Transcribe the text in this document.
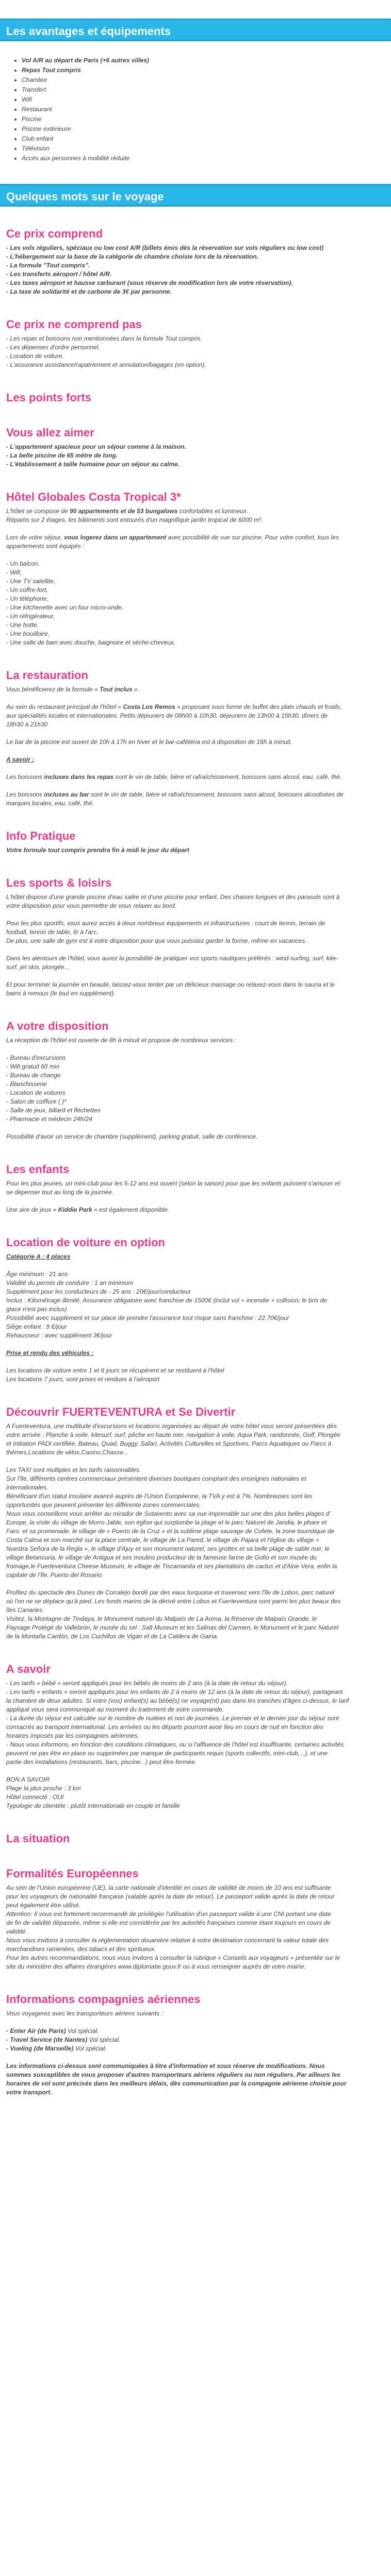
Les avantages et équipements
• Vol A/R au départ de Paris (+6 autres villes)
• Repas Tout compris
• Chambre
• Transfert
• Wifi
• Restaurant
• Piscine
• Piscine extérieure
• Club enfant
• Télévision
• Accès aux personnes à mobilité réduite
Quelques mots sur le voyage
Ce prix comprend
- Les vols réguliers, spéciaux ou low cost A/R (billets émis dès la réservation sur vols réguliers ou low cost)
- L'hébergement sur la base de la catégorie de chambre choisie lors de la réservation.
- La formule "Tout compris".
- Les transferts aéroport / hôtel A/R.
- Les taxes aéroport et hausse carburant (sous réserve de modification lors de votre réservation).
- La taxe de solidarité et de carbone de 3€ par personne.
Ce prix ne comprend pas
- Les repas et boissons non mentionnées dans la formule Tout compris.
- Les dépenses d'ordre personnel.
- Location de voiture.
- L'assurance assistance/rapatriement et annulation/bagages (en option).
Les points forts
Vous allez aimer
- L'appartement spacieux pour un séjour comme à la maison.
- La belle piscine de 65 mètre de long.
- L'établissement à taille humaine pour un séjour au calme.
Hôtel Globales Costa Tropical 3*
L'hôtel se compose de 90 appartements et de 53 bungalows confortables et lumineux.
Répartis sur 2 étages, les bâtiments sont entourés d'un magnifique jardin tropical de 6000 m².
Lors de votre séjour, vous logerez dans un appartement avec possibilité de vue sur piscine. Pour votre confort, tous les
appartements sont équipés :
- Un balcon,
- Wifi,
- Une TV satellite,
- Un coffre-fort,
- Un téléphone,
- Une kitchenette avec un four micro-onde,
- Un réfrigérateur,
- Une hotte,
- Une bouilloire,
- Une salle de bain avec douche, baignoire et sèche-cheveux.
La restauration
Vous bénéficierez de la formule « Tout inclus ».
Au sein du restaurant principal de l'hôtel « Costa Los Remos » proposant sous forme de buffet des plats chauds et froids,
aux spécialités locales et internationales. Petits déjeuners de 08h00 à 10h30, déjeuners de 13h00 à 15h30, dîners de
18h30 à 21h30
Le bar de la piscine est ouvert de 10h à 17h en hiver et le bar-cafétéria est à disposition de 16h à minuit.
A savoir :
Les boissons incluses dans les repas sont le vin de table, bière et rafraîchissement, boissons sans alcool, eau, café, thé.
Les boissons incluses au bar sont le vin de table, bière et rafraîchissement, boissons sans alcool, boissons alcoolisées de
marques locales, eau, café, thé.
Info Pratique
Votre formule tout compris prendra fin à midi le jour du départ
Les sports & loisirs
L'hôtel dispose d'une grande piscine d'eau salée et d'une piscine pour enfant. Des chaises longues et des parasols sont à
votre disposition pour vous permettre de vous relaxer au bord.
Pour les plus sportifs, vous aurez accès à deux nombreux équipements et infrastructures : court de tennis, terrain de
football, tennis de table, tir à l'arc.
De plus, une salle de gym est à votre disposition pour que vous puissiez garder la forme, même en vacances.
Dans les alentours de l'hôtel, vous aurez la possibilité de pratiquer vos sports nautiques préférés : wind-surfing, surf, kite-
surf, jet skis, plongée...
Et pour terminer la journée en beauté, laissez-vous tenter par un délicieux massage ou relaxez-vous dans le sauna et le
bains à remous (le tout en supplément).
A votre disposition
La réception de l'hôtel est ouverte de 8h à minuit et propose de nombreux services :
- Bureau d'excursions
- Wifi gratuit 60 min
- Bureau de change
- Blanchisserie
- Location de voitures
- Salon de coiffure ( )*
- Salle de jeux, billard et fléchettes
- Pharmacie et médecin 24h/24
Possibilité d'avoir un service de chambre (supplément), parking gratuit, salle de conférence.
Les enfants
Pour les plus jeunes, un mini-club pour les 5-12 ans est ouvert (selon la saison) pour que les enfants puissent s'amuser et
se dépenser tout au long de la journée.
Une aire de jeux « Kiddie Park » est également disponible.
Location de voiture en option
Catégorie A : 4 places
Âge minimum : 21 ans
Validité du permis de conduire : 1 an minimum
Supplément pour les conducteurs de - 25 ans : 20€/jour/conducteur
Inclus : Kilométrage illimité, Assurance obligatoire avec franchise de 1500€ (inclut vol + incendie + collision; le bris de
glace n'est pas inclus)
Possibilité avec supplément et sur place de prendre l'assurance tout risque sans franchise : 22.70€/jour
Siège enfant : 9 €/jour
Rehausseur : avec supplément 3€/jour
Prise et rendu des véhicules :
Les locations de voiture entre 1 et 6 jours se récupèrent et se restituent à l'hôtel
Les locations 7 jours, sont prises et rendues à l'aéroport
Découvrir FUERTEVENTURA et Se Divertir
A Fuerteventura, une multitude d'excursions et locations organisées au départ de votre hôtel vous seront présentées dès
votre arrivée : Planche à voile, kitesurf, surf, pêche en haute mer, navigation à voile, Aqua Park, randonnée, Golf, Plongée
et initiation PADI certifiée, Bateau, Quad, Buggy, Safari, Activités Culturelles et Sportives, Parcs Aquatiques ou Parcs à
thèmes,Locations de vélos,Casino,Chasse...
Les TAXI sont multiples et les tarifs raisonnables.
Sur l'île, différents centres commerciaux présentent diverses boutiques comptant des enseignes nationales et
internationales.
Bénéficiant d'un statut insulaire avancé auprès de l'Union Européenne, la TVA y est à 7%. Nombreuses sont les
opportunités que peuvent présenter les différente zones commerciales.
Nous vous conseillons vous arrêter au mirador de Sotavento avec sa vue imprenable sur une des plus belles plages d'
Europe, la visite du village de Morro Jable, son église qui surplombe la plage et le parc Naturel de Jandia, le phare et
Faro. et sa promenade, le village de « Puerto de la Cruz » et la sublime plage sauvage de Cofete, la zone touristique de
Costa Calma et son marché sur la place centrale, le village de La Pared, le village de Pajara et l'église du village «
Nuestra Señora de la Regla », le village d'Ajuy et son monument naturel, ses grottes et sa belle plage de sable noir, le
village Betancuria, le village de Antigua et ses moulins producteur de la fameuse farine de Gofio et son musée du
fromage,le Fuerteventura Cheese Museum, le village de Tiscamanita et ses plantations de cactus et d'Aloe Vera, enfin la
capitale de l'île, Puerto del Rosario.
Profitez du spectacle des Dunes de Corralejo bordé par des eaux turquoise et traversez vers l'île de Lobos, parc naturel
où l'on ne se déplace qu'à pied. Les fonds marins de la dérivé entre Lobos et Fuerteventura sont parmi les plus beaux des
îles Canaries.
Visitez, la Montagne de Tindaya, le Monument naturel du Malpaïs de La Arena, la Réserve de Malpaïs Grande, le
Paysage Protégé de Vallebrón, le musée du sel : Salt Museum et les Salinas del Carmen, le Monument et le parc Naturel
de la Montaña Cardón, de Los Cuchillos de Vigán et de La Caldera de Gairia.
A savoir
- Les tarifs « bébé » seront appliqués pour les bébés de moins de 2 ans (à la date de retour du séjour).
- Les tarifs « enfants » seront appliqués pour les enfants de 2 à moins de 12 ans (à la date de retour du séjour), partageant
la chambre de deux adultes. Si votre (vos) enfant(s) au bébé(s) ne voyage(nt) pas dans les tranches d'âges ci-dessus, le tarif
appliqué vous sera communiqué au moment du traitement de votre commande.
- La durée du séjour est calculée sur le nombre de nuitées et non de journées. Le premier et le dernier jour du séjour sont
consacrés au transport international. Les arrivées ou les départs pourront avoir lieu en cours de nuit en fonction des
horaires imposés par les compagnies aériennes.
- Nous vous informons, en fonction des conditions climatiques, ou si l'affluence de l'hôtel est insuffisante, certaines activités
peuvent ne pas être en place ou supprimées par manque de participants requis (sports collectifs, mini-club,...), et une
partie des installations (restaurants, bars, piscine...) peut être fermée.
BON A SAVOIR
Plage la plus proche : 3 km
Hôtel connecté : OUI
Typologie de clientèle : plutôt internationale en couple et famille
La situation
Formalités Européennes
Au sein de l'Union européenne (UE), la carte nationale d'identité en cours de validité de moins de 10 ans est suffisante
pour les voyageurs de nationalité française (valable après la date de retour). Le passeport valide après la date de retour
peut également être utilisé.
Attention: Il vous est fortement recommandé de privilégier l'utilisation d'un passeport valide à une CNI portant une date
de fin de validité dépassée, même si elle est considérée par les autorités françaises comme étant toujours en cours de
validité.
Nous vous invitons à consulter la réglementation douanière relative à votre destination concernant la valeur totale des
marchandises ramenées, des tabacs et des spiritueux.
Pour les autres recommandations, nous vous invitons à consulter la rubrique « Conseils aux voyageurs » présentée sur le
site du ministère des affaires étrangères www.diplomatie.gouv.fr ou à vous renseigner auprès de votre mairie.
Informations compagnies aériennes
Vous voyagerez avec les transporteurs aériens suivants :
- Enter Air (de Paris) Vol spécial.
- Travel Service (de Nantes) Vol spécial.
- Vueling (de Marseille) Vol spécial.
Les informations ci-dessus sont communiquées à titre d'information et sous réserve de modifications. Nous
sommes susceptibles de vous proposer d'autres transporteurs aériens réguliers ou non réguliers. Par ailleurs les
horaires de vol sont précisés dans les meilleurs délais, dès communication par la compagnie aérienne choisie pour
votre transport.
